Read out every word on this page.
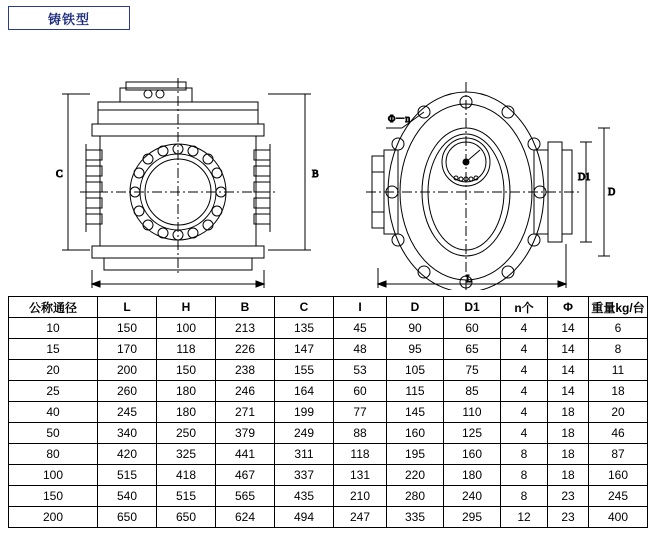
铸铁型
C	B
Φ－n
D1
D
L
公称通径	L	H	B	C	I	D	D1	n个	Φ	重量kg/台
10	150	100	213	135	45	90	60	4	14	6
15	170	118	226	147	48	95	65	4	14	8
20	200	150	238	155	53	105	75	4	14	11
25	260	180	246	164	60	115	85	4	14	18
40	245	180	271	199	77	145	110	4	18	20
50	340	250	379	249	88	160	125	4	18	46
80	420	325	441	311	118	195	160	8	18	87
100	515	418	467	337	131	220	180	8	18	160
150	540	515	565	435	210	280	240	8	23	245
200	650	650	624	494	247	335	295	12	23	400
